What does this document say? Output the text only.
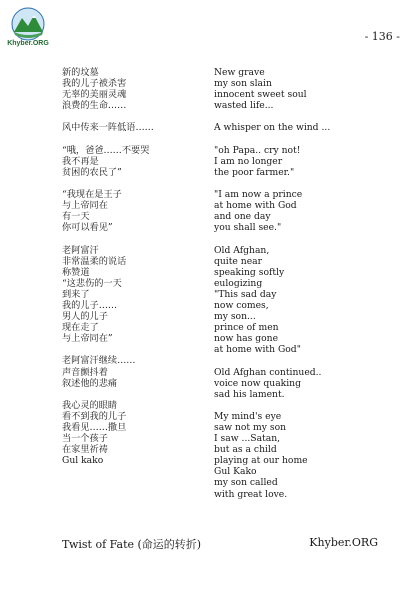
Khyber.ORG
- 136 -
新的坟墓
我的儿子被杀害
无辜的美丽灵魂
浪费的生命……
风中传来一阵低语……
“哦，爸爸……不要哭
我不再是
贫困的农民了”
“我现在是王子
与上帝同在
有一天
你可以看见”
老阿富汗
非常温柔的说话
称赞道
“这悲伤的一天
到来了
我的儿子……
男人的儿子
现在走了
与上帝同在”
老阿富汗继续……
声音颤抖着
叙述他的悲痛
我心灵的眼睛
看不到我的儿子
我看见……撒旦
当一个孩子
在家里祈祷
Gul kako
New grave
my son slain
innocent sweet soul
wasted life...
A whisper on the wind ...
"oh Papa.. cry not!
I am no longer
the poor farmer."
"I am now a prince
at home with God
and one day
you shall see."
Old Afghan,
quite near
speaking softly
eulogizing
"This sad day
now comes,
my son...
prince of men
now has gone
at home with God"
Old Afghan continued..
voice now quaking
sad his lament.
My mind's eye
saw not my son
I saw ...Satan,
but as a child
playing at our home
Gul Kako
my son called
with great love.
Twist of Fate (命运的转折)	Khyber.ORG
